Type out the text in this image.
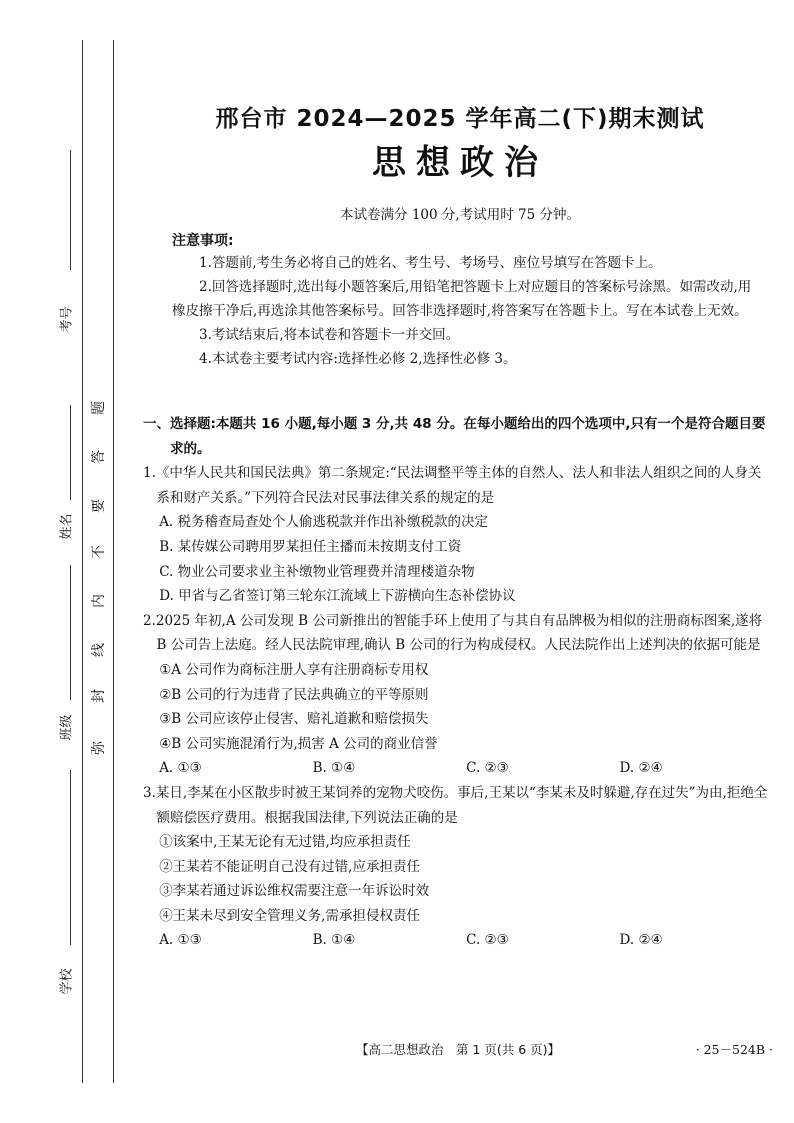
考号
姓名
班级
学校
弥
封
线
内
不
要
答
题
邢台市 2024—2025 学年高二(下)期末测试
思想政治
本试卷满分 100 分,考试用时 75 分钟。
注意事项:

1.答题前,考生务必将自己的姓名、考生号、考场号、座位号填写在答题卡上。

2.回答选择题时,选出每小题答案后,用铅笔把答题卡上对应题目的答案标号涂黑。如需改动,用橡皮擦干净后,再选涂其他答案标号。回答非选择题时,将答案写在答题卡上。写在本试卷上无效。

3.考试结束后,将本试卷和答题卡一并交回。

4.本试卷主要考试内容:选择性必修 2,选择性必修 3。

一、选择题:本题共 16 小题,每小题 3 分,共 48 分。在每小题给出的四个选项中,只有一个是符合题目要求的。

1.《中华人民共和国民法典》第二条规定:“民法调整平等主体的自然人、法人和非法人组织之间的人身关系和财产关系。”下列符合民法对民事法律关系的规定的是

A. 税务稽查局查处个人偷逃税款并作出补缴税款的决定

B. 某传媒公司聘用罗某担任主播而未按期支付工资

C. 物业公司要求业主补缴物业管理费并清理楼道杂物

D. 甲省与乙省签订第三轮东江流域上下游横向生态补偿协议

2.2025 年初,A 公司发现 B 公司新推出的智能手环上使用了与其自有品牌极为相似的注册商标图案,遂将 B 公司告上法庭。经人民法院审理,确认 B 公司的行为构成侵权。人民法院作出上述判决的依据可能是

①A 公司作为商标注册人享有注册商标专用权

②B 公司的行为违背了民法典确立的平等原则

③B 公司应该停止侵害、赔礼道歉和赔偿损失

④B 公司实施混淆行为,损害 A 公司的商业信誉

A. ①③	B. ①④	C. ②③	D. ②④

3.某日,李某在小区散步时被王某饲养的宠物犬咬伤。事后,王某以“李某未及时躲避,存在过失”为由,拒绝全额赔偿医疗费用。根据我国法律,下列说法正确的是

①该案中,王某无论有无过错,均应承担责任

②王某若不能证明自己没有过错,应承担责任

③李某若通过诉讼维权需要注意一年诉讼时效

④王某未尽到安全管理义务,需承担侵权责任

A. ①③	B. ①④	C. ②③	D. ②④
【高二思想政治　第 1 页(共 6 页)】	· 25－524B ·
